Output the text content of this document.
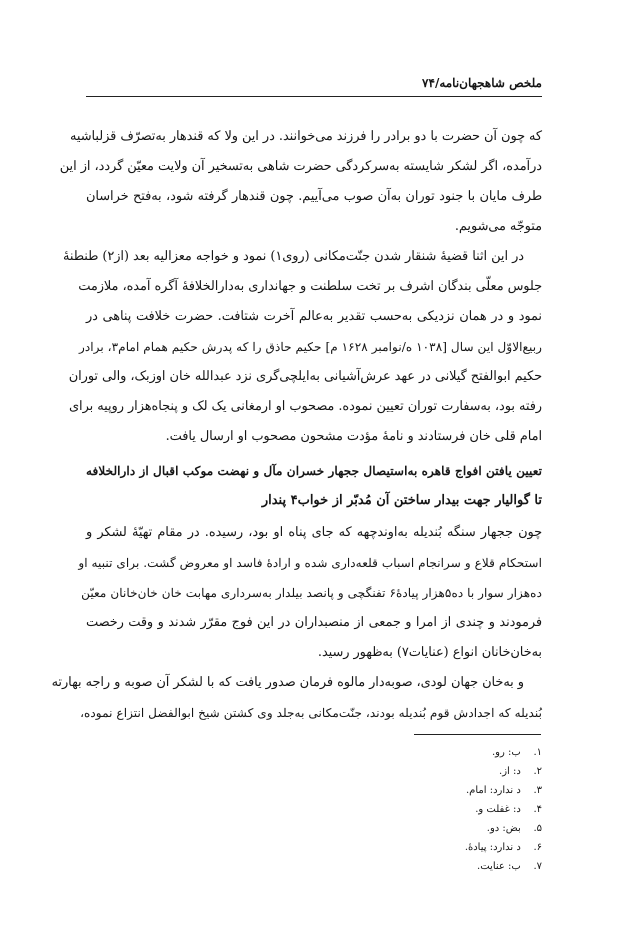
ملخص شاهجهان‌نامه/۷۴
که چون آن حضرت با دو برادر را فرزند می‌خوانند. در این ولا که قندهار به‌تصرّف قزلباشیه
درآمده، اگر لشکر شایسته به‌سرکردگی حضرت شاهی به‌تسخیر آن ولایت معیّن گردد، از این
طرف مایان با جنود توران به‌آن صوب می‌آییم. چون قندهار گرفته شود، به‌فتح خراسان
متوجّه می‌شویم.
در این اثنا قضیهٔ شنقار شدن جنّت‌مکانی (روی۱) نمود و خواجه معزالیه بعد (از۲) طنطنهٔ
جلوس معلّی بندگان اشرف بر تخت سلطنت و جهانداری به‌دارالخلافهٔ آگره آمده، ملازمت
نمود و در همان نزدیکی به‌حسب تقدیر به‌عالم آخرت شتافت. حضرت خلافت پناهی در
ربیع‌الاوّل این سال [۱۰۳۸ ه/نوامبر ۱۶۲۸ م] حکیم حاذق را که پدرش حکیم همام امام۳، برادر
حکیم ابوالفتح گیلانی در عهد عرش‌آشیانی به‌ایلچی‌گری نزد عبدالله خان اوزبک، والی توران
رفته بود، به‌سفارت توران تعیین نموده. مصحوب او ارمغانی یک لک و پنجاه‌هزار روپیه برای
امام قلی خان فرستادند و نامهٔ مؤدت مشحون مصحوب او ارسال یافت.
تعیین یافتن افواج قاهره به‌استیصال ججهار خسران مآل و نهضت موکب اقبال از دارالخلافه
تا گوالیار جهت بیدار ساختن آن مُدبّر از خواب۴ پندار
چون ججهار سنگه بُندیله به‌اوندچهه که جای پناه او بود، رسیده. در مقام تهیّهٔ لشکر و
استحکام قلاع و سرانجام اسباب قلعه‌داری شده و ارادهٔ فاسد او معروض گشت. برای تنبیه او
ده‌هزار سوار با ده۵هزار پیادهٔ۶ تفنگچی و پانصد بیلدار به‌سرداری مهابت خان خان‌خانان معیّن
فرمودند و چندی از امرا و جمعی از منصبداران در این فوج مقرّر شدند و وقت رخصت
به‌خان‌خانان انواع (عنایات۷) به‌ظهور رسید.
و به‌خان جهان لودی، صوبه‌دار مالوه فرمان صدور یافت که با لشکر آن صوبه و راجه بهارته
بُندیله که اجدادش قوم بُندیله بودند، جنّت‌مکانی به‌جلد وی کشتن شیخ ابوالفضل انتزاع نموده،
۱. ب: رو.
۲. د: از.
۳. د ندارد: امام.
۴. د: غفلت و.
۵. بض: دو.
۶. د ندارد: پیادهٔ.
۷. ب: عنایت.
